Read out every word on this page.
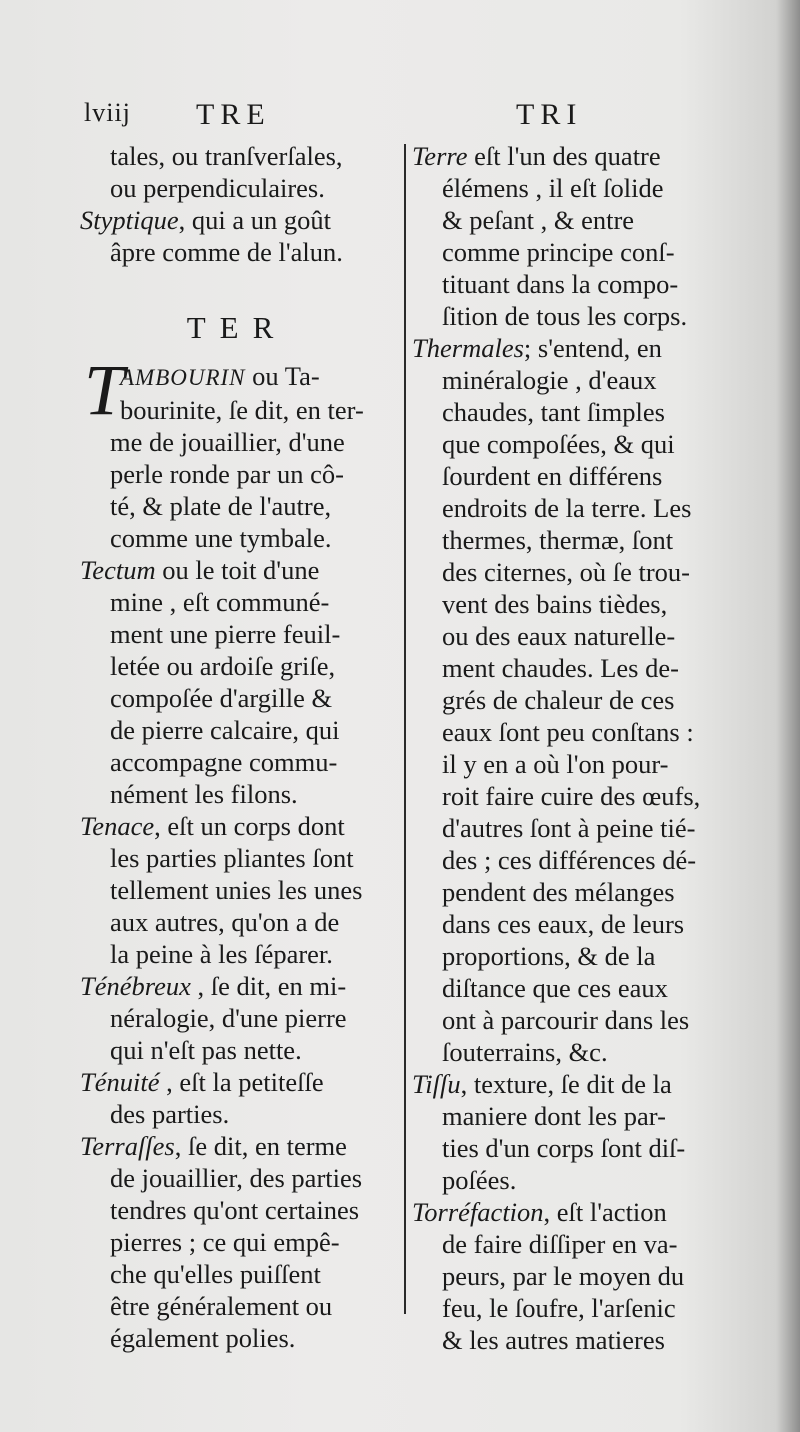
lviij TRE	TRI
tales, ou tranſverſales,
ou perpendiculaires.
Styptique, qui a un goût
âpre comme de l'alun.
TER
T
AMBOURIN ou Ta-
bourinite, ſe dit, en ter-
me de jouaillier, d'une
perle ronde par un cô-
té, & plate de l'autre,
comme une tymbale.
Tectum ou le toit d'une
mine , eſt communé-
ment une pierre feuil-
letée ou ardoiſe griſe,
compoſée d'argille &
de pierre calcaire, qui
accompagne commu-
nément les filons.
Tenace, eſt un corps dont
les parties pliantes ſont
tellement unies les unes
aux autres, qu'on a de
la peine à les ſéparer.
Ténébreux , ſe dit, en mi-
néralogie, d'une pierre
qui n'eſt pas nette.
Ténuité , eſt la petiteſſe
des parties.
Terraſſes, ſe dit, en terme
de jouaillier, des parties
tendres qu'ont certaines
pierres ; ce qui empê-
che qu'elles puiſſent
être généralement ou
également polies.
Terre eſt l'un des quatre
élémens , il eſt ſolide
& peſant , & entre
comme principe conſ-
tituant dans la compo-
ſition de tous les corps.
Thermales; s'entend, en
minéralogie , d'eaux
chaudes, tant ſimples
que compoſées, & qui
ſourdent en différens
endroits de la terre. Les
thermes, thermæ, ſont
des citernes, où ſe trou-
vent des bains tièdes,
ou des eaux naturelle-
ment chaudes. Les de-
grés de chaleur de ces
eaux ſont peu conſtans :
il y en a où l'on pour-
roit faire cuire des œufs,
d'autres ſont à peine tié-
des ; ces différences dé-
pendent des mélanges
dans ces eaux, de leurs
proportions, & de la
diſtance que ces eaux
ont à parcourir dans les
ſouterrains, &c.
Tiſſu, texture, ſe dit de la
maniere dont les par-
ties d'un corps ſont diſ-
poſées.
Torréfaction, eſt l'action
de faire diſſiper en va-
peurs, par le moyen du
feu, le ſoufre, l'arſenic
& les autres matieres
